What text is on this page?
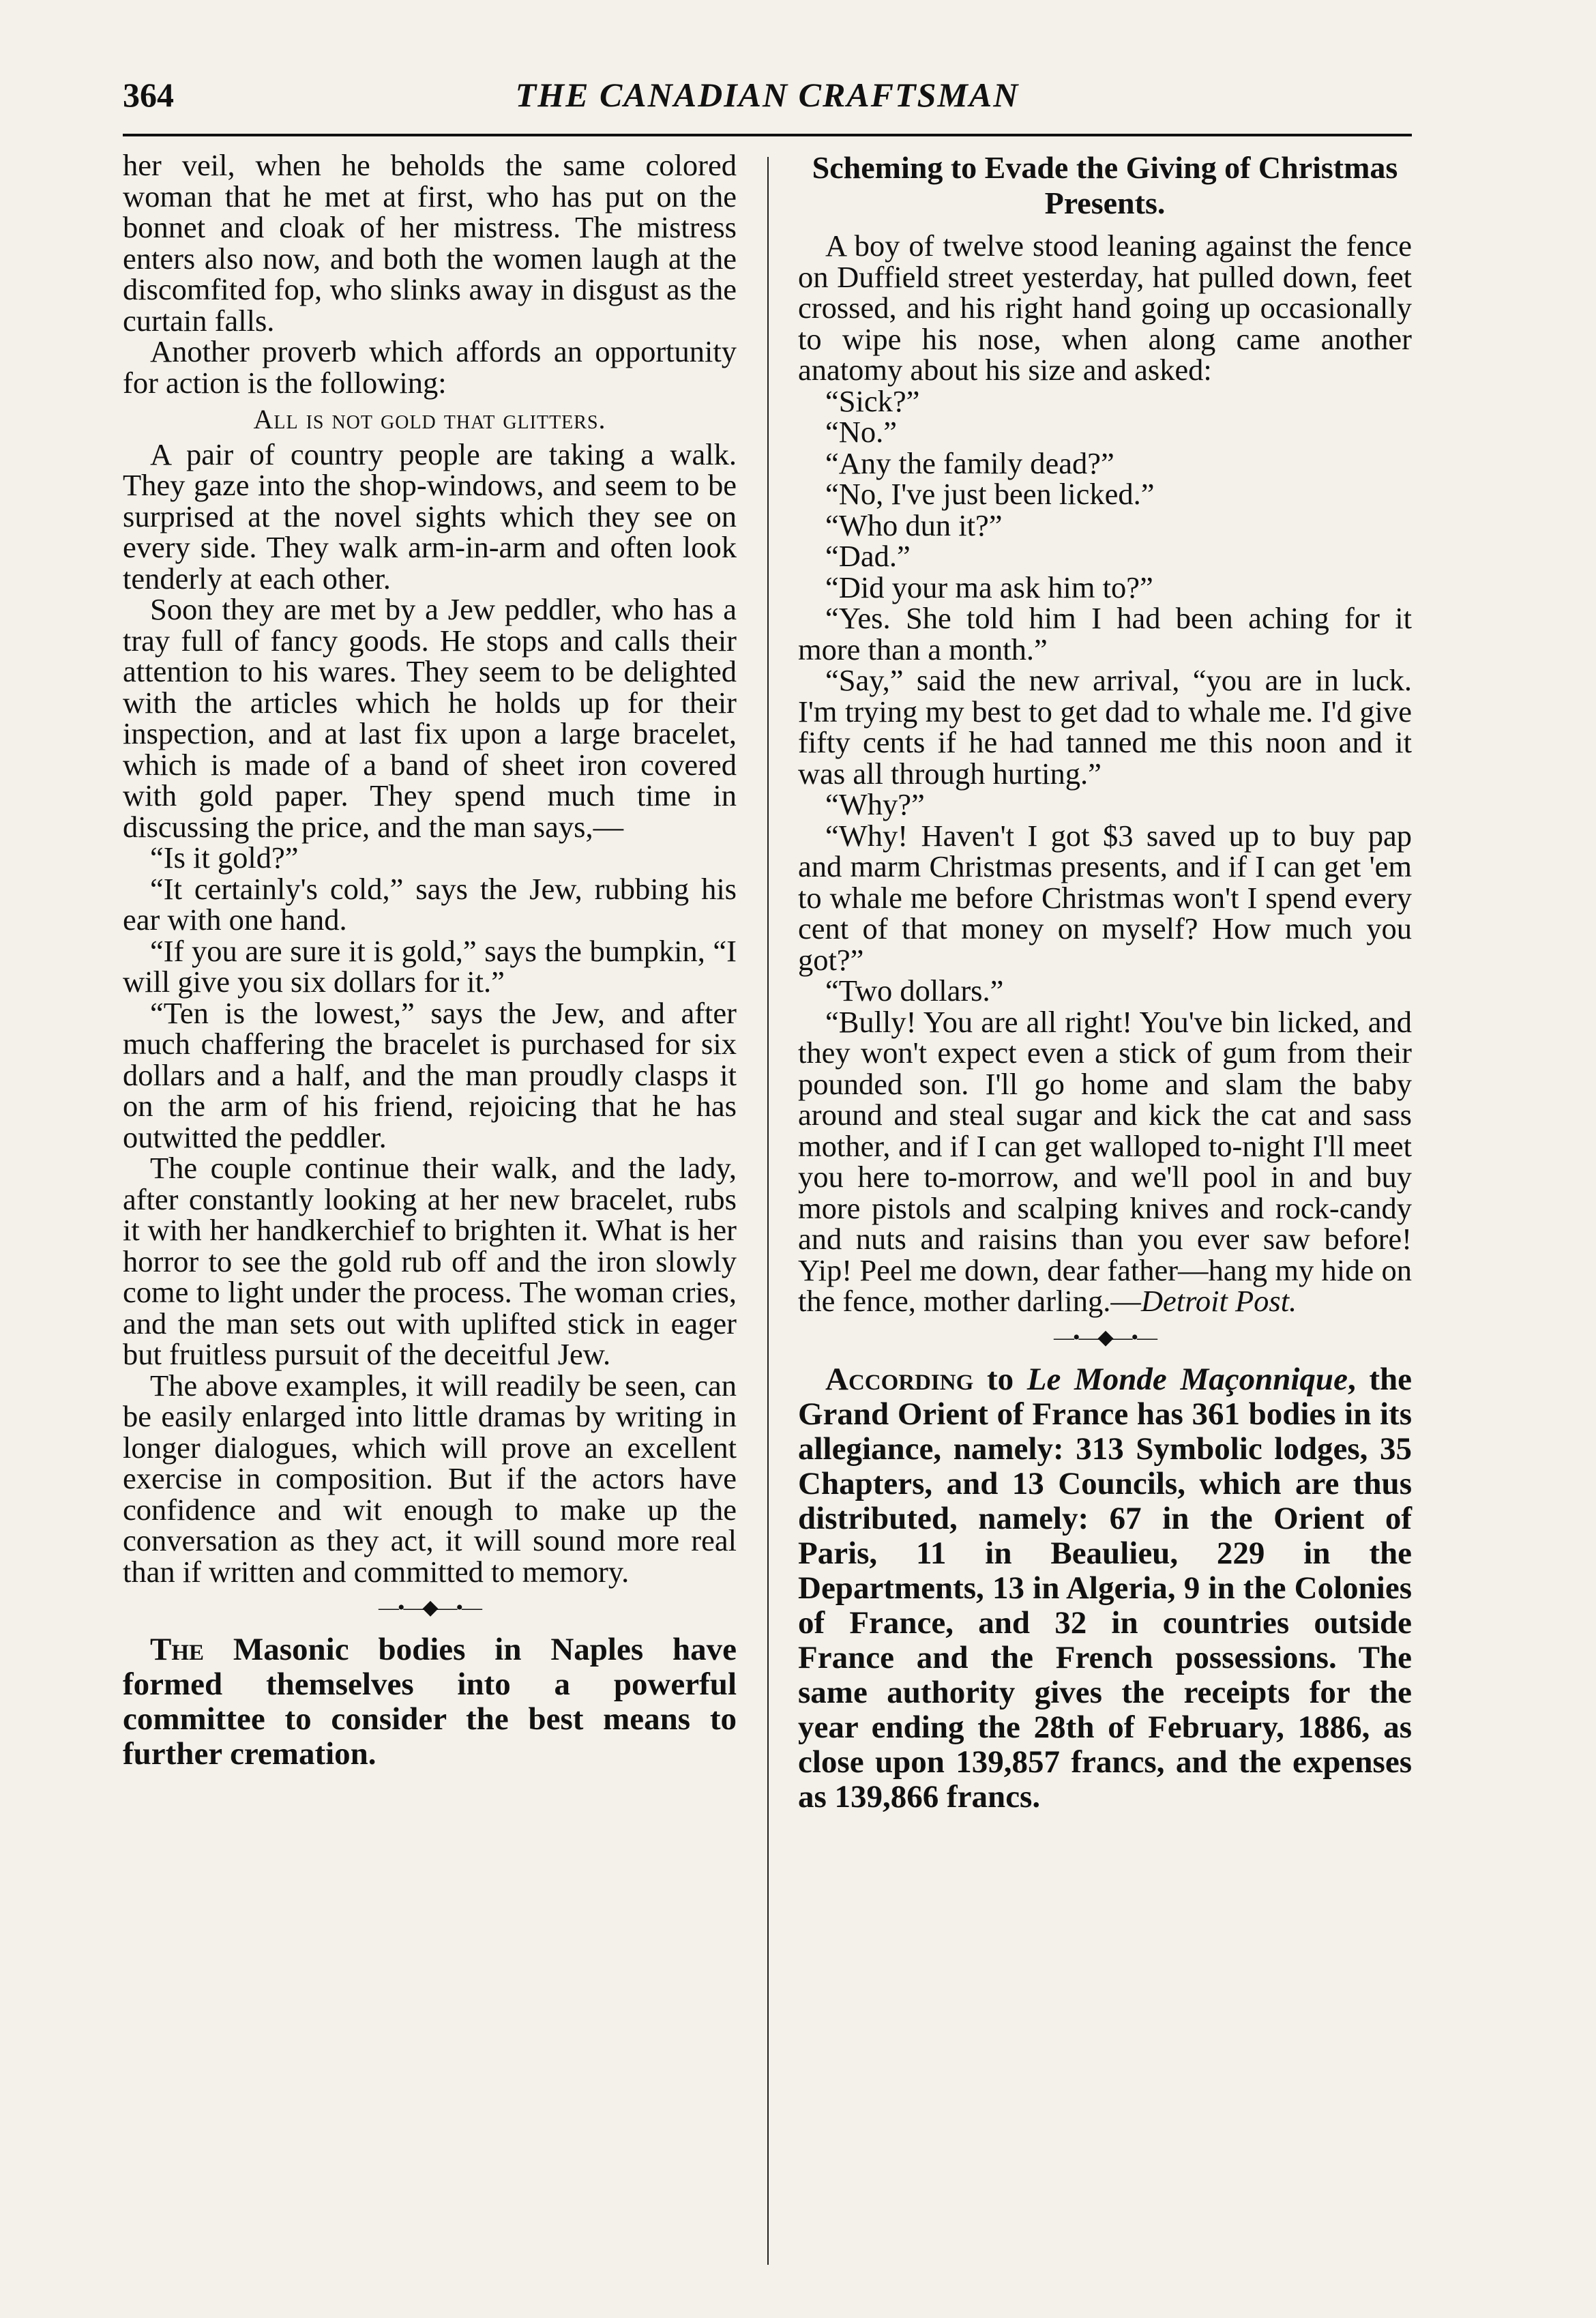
364	THE CANADIAN CRAFTSMAN

her veil, when he beholds the same colored woman that he met at first, who has put on the bonnet and cloak of her mistress. The mistress enters also now, and both the women laugh at the discomfited fop, who slinks away in disgust as the curtain falls.

Another proverb which affords an opportunity for action is the following:

All is not gold that glitters.

A pair of country people are taking a walk. They gaze into the shop-windows, and seem to be surprised at the novel sights which they see on every side. They walk arm-in-arm and often look tenderly at each other.

Soon they are met by a Jew peddler, who has a tray full of fancy goods. He stops and calls their attention to his wares. They seem to be delighted with the articles which he holds up for their inspection, and at last fix upon a large bracelet, which is made of a band of sheet iron covered with gold paper. They spend much time in discussing the price, and the man says,—

“Is it gold?”

“It certainly's cold,” says the Jew, rubbing his ear with one hand.

“If you are sure it is gold,” says the bumpkin, “I will give you six dollars for it.”

“Ten is the lowest,” says the Jew, and after much chaffering the bracelet is purchased for six dollars and a half, and the man proudly clasps it on the arm of his friend, rejoicing that he has outwitted the peddler.

The couple continue their walk, and the lady, after constantly looking at her new bracelet, rubs it with her handkerchief to brighten it. What is her horror to see the gold rub off and the iron slowly come to light under the process. The woman cries, and the man sets out with uplifted stick in eager but fruitless pursuit of the deceitful Jew.

The above examples, it will readily be seen, can be easily enlarged into little dramas by writing in longer dialogues, which will prove an excellent exercise in composition. But if the actors have confidence and wit enough to make up the conversation as they act, it will sound more real than if written and committed to memory.

—•—◆—•—

The Masonic bodies in Naples have formed themselves into a powerful committee to consider the best means to further cremation.

Scheming to Evade the Giving of Christmas Presents.

A boy of twelve stood leaning against the fence on Duffield street yesterday, hat pulled down, feet crossed, and his right hand going up occasionally to wipe his nose, when along came another anatomy about his size and asked:

“Sick?”

“No.”

“Any the family dead?”

“No, I've just been licked.”

“Who dun it?”

“Dad.”

“Did your ma ask him to?”

“Yes. She told him I had been aching for it more than a month.”

“Say,” said the new arrival, “you are in luck. I'm trying my best to get dad to whale me. I'd give fifty cents if he had tanned me this noon and it was all through hurting.”

“Why?”

“Why! Haven't I got $3 saved up to buy pap and marm Christmas presents, and if I can get 'em to whale me before Christmas won't I spend every cent of that money on myself? How much you got?”

“Two dollars.”

“Bully! You are all right! You've bin licked, and they won't expect even a stick of gum from their pounded son. I'll go home and slam the baby around and steal sugar and kick the cat and sass mother, and if I can get walloped to-night I'll meet you here to-morrow, and we'll pool in and buy more pistols and scalping knives and rock-candy and nuts and raisins than you ever saw before! Yip! Peel me down, dear father—hang my hide on the fence, mother darling.—Detroit Post.

—•—◆—•—

According to Le Monde Maçonnique, the Grand Orient of France has 361 bodies in its allegiance, namely: 313 Symbolic lodges, 35 Chapters, and 13 Councils, which are thus distributed, namely: 67 in the Orient of Paris, 11 in Beaulieu, 229 in the Departments, 13 in Algeria, 9 in the Colonies of France, and 32 in countries outside France and the French possessions. The same authority gives the receipts for the year ending the 28th of February, 1886, as close upon 139,857 francs, and the expenses as 139,866 francs.
